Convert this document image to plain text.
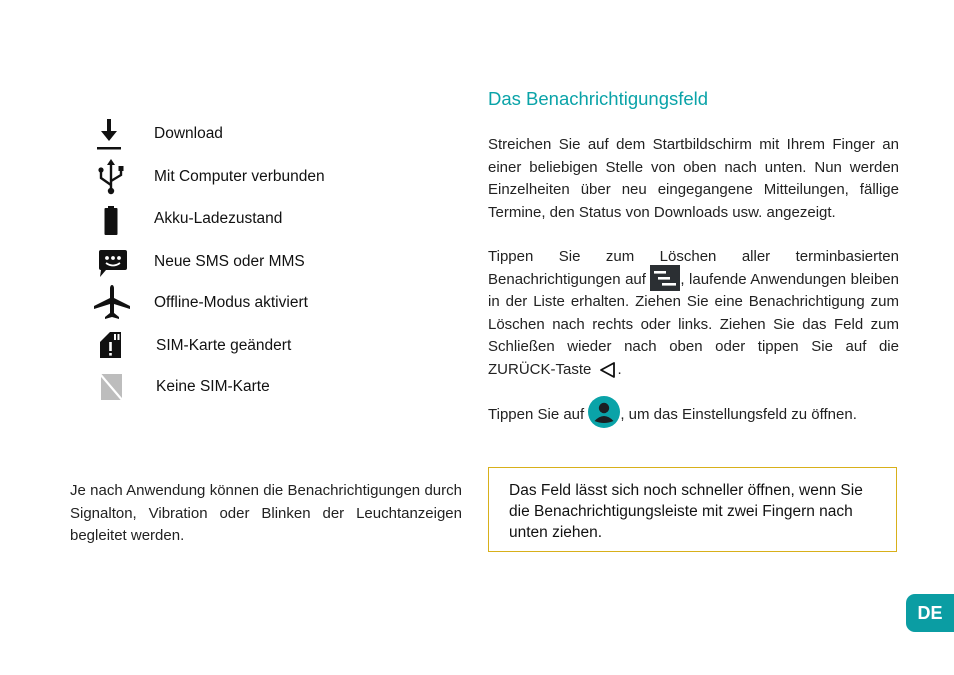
Download
Mit Computer verbunden
Akku-Ladezustand
Neue SMS oder MMS
Offline-Modus aktiviert
SIM-Karte geändert
Keine SIM-Karte

Je nach Anwendung können die Benachrichtigungen durch Signalton, Vibration oder Blinken der Leuchtanzeigen begleitet werden.

Das Benachrichtigungsfeld

Streichen Sie auf dem Startbildschirm mit Ihrem Finger an einer beliebigen Stelle von oben nach unten. Nun werden Einzelheiten über neu eingegangene Mitteilungen, fällige Termine, den Status von Downloads usw. angezeigt.

Tippen Sie zum Löschen aller terminbasierten Benachrichtigungen auf , laufende Anwendungen bleiben in der Liste erhalten. Ziehen Sie eine Benachrichtigung zum Löschen nach rechts oder links. Ziehen Sie das Feld zum Schließen wieder nach oben oder tippen Sie auf die ZURÜCK-Taste .

Tippen Sie auf , um das Einstellungsfeld zu öffnen.

Das Feld lässt sich noch schneller öffnen, wenn Sie die Benachrichtigungsleiste mit zwei Fingern nach unten ziehen.
DE
